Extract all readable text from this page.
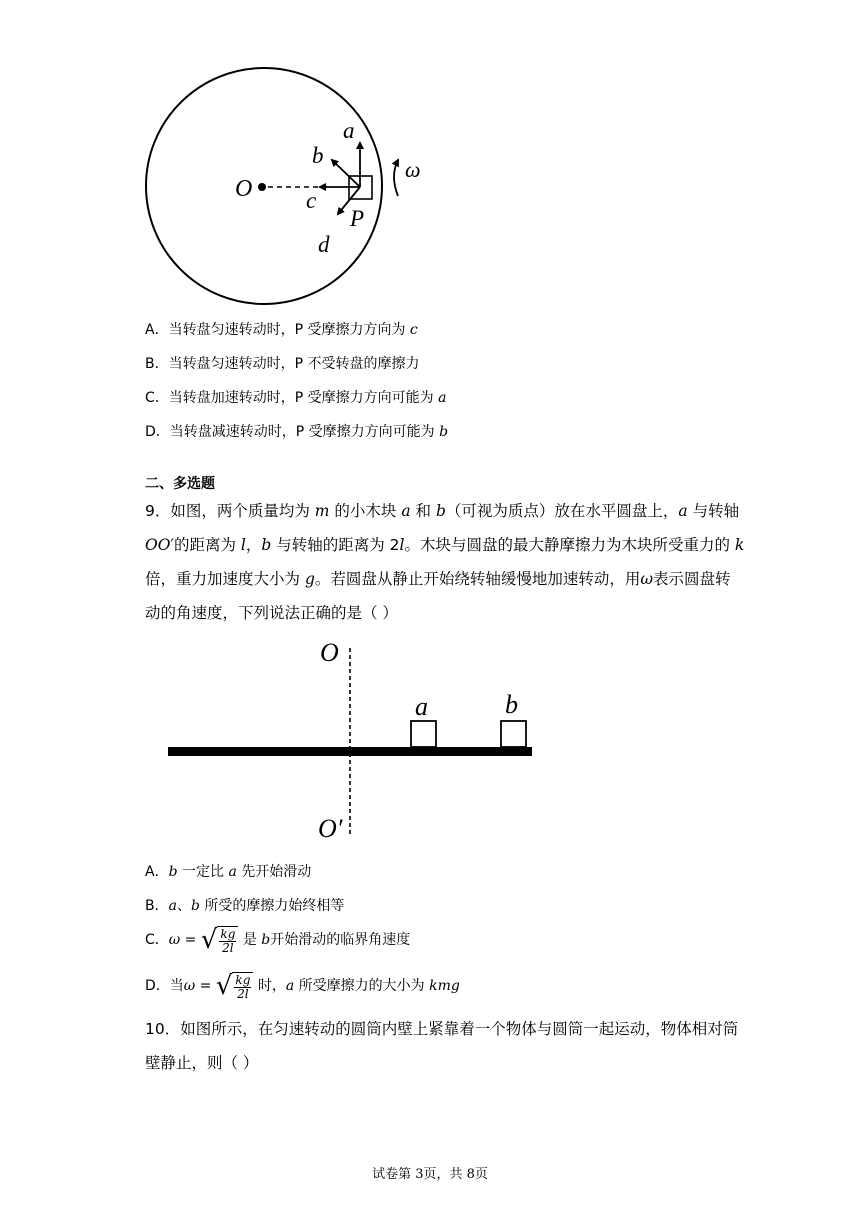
O
a
b
c
P
d
ω
A．当转盘匀速转动时，P 受摩擦力方向为 c
B．当转盘匀速转动时，P 不受转盘的摩擦力
C．当转盘加速转动时，P 受摩擦力方向可能为 a
D．当转盘减速转动时，P 受摩擦力方向可能为 b
二、多选题
9．如图，两个质量均为 m 的小木块 a 和 b（可视为质点）放在水平圆盘上，a 与转轴
OO′的距离为 l，b 与转轴的距离为 2l。木块与圆盘的最大静摩擦力为木块所受重力的 k
倍，重力加速度大小为 g。若圆盘从静止开始绕转轴缓慢地加速转动，用ω表示圆盘转
动的角速度，下列说法正确的是（ ）
O
O′
a	b
A．b 一定比 a 先开始滑动
B．a、b 所受的摩擦力始终相等
C． ω = √ $\frac{kg}{2l}$ 是 b 开始滑动的临界角速度
D．当 ω = √ $\frac{kg}{2l}$ 时， a 所受摩擦力的大小为 kmg
10．如图所示，在匀速转动的圆筒内壁上紧靠着一个物体与圆筒一起运动，物体相对筒
壁静止，则（ ）
试卷第 3页，共 8页
